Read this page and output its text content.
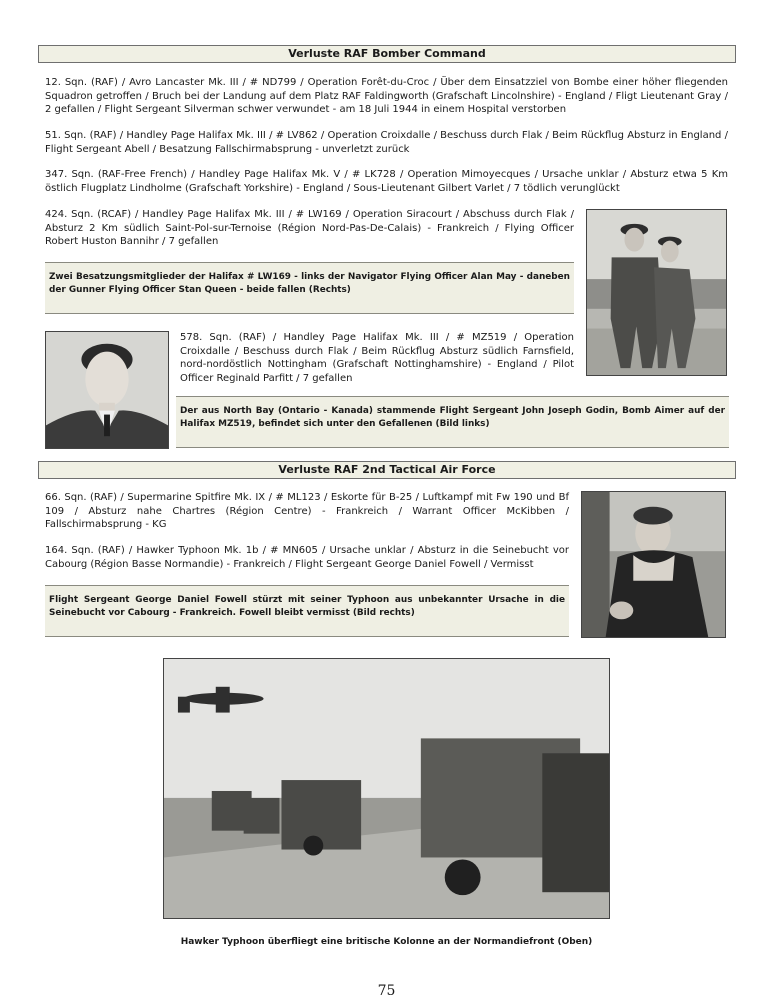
Verluste RAF Bomber Command

12. Sqn. (RAF) / Avro Lancaster Mk. III / # ND799 / Operation Forêt-du-Croc / Über dem Einsatzziel von Bombe einer höher fliegenden Squadron getroffen / Bruch bei der Landung auf dem Platz RAF Faldingworth (Grafschaft Lincolnshire) - England / Fligt Lieutenant Gray / 2 gefallen / Flight Sergeant Silverman schwer verwundet - am 18 Juli 1944 in einem Hospital verstorben

51. Sqn. (RAF) / Handley Page Halifax Mk. III / # LV862 / Operation Croixdalle / Beschuss durch Flak / Beim Rückflug Absturz in England / Flight Sergeant Abell / Besatzung Fallschirmabsprung - unverletzt zurück

347. Sqn. (RAF-Free French) / Handley Page Halifax Mk. V / # LK728 / Operation Mimoyecques / Ursache unklar / Absturz etwa 5 Km östlich Flugplatz Lindholme (Grafschaft Yorkshire) - England / Sous-Lieutenant Gilbert Varlet / 7 tödlich verunglückt

424. Sqn. (RCAF) / Handley Page Halifax Mk. III / # LW169 / Operation Siracourt / Abschuss durch Flak / Absturz 2 Km südlich Saint-Pol-sur-Ternoise (Région Nord-Pas-De-Calais) - Frankreich / Flying Officer Robert Huston Bannihr / 7 gefallen

Zwei Besatzungsmitglieder der Halifax # LW169 - links der Navigator Flying Officer Alan May - daneben der Gunner Flying Officer Stan Queen - beide fallen (Rechts)

578. Sqn. (RAF) / Handley Page Halifax Mk. III / # MZ519 / Operation Croixdalle / Beschuss durch Flak / Beim Rückflug Absturz südlich Farnsfield, nord-nordöstlich Nottingham (Grafschaft Nottinghamshire) - England / Pilot Officer Reginald Parfitt / 7 gefallen

Der aus North Bay (Ontario - Kanada) stammende Flight Sergeant John Joseph Godin, Bomb Aimer auf der Halifax MZ519, befindet sich unter den Gefallenen (Bild links)
Verluste RAF 2nd Tactical Air Force

66. Sqn. (RAF) / Supermarine Spitfire Mk. IX / # ML123 / Eskorte für B-25 / Luftkampf mit Fw 190 und Bf 109 / Absturz nahe Chartres (Région Centre) - Frankreich / Warrant Officer McKibben / Fallschirmabsprung - KG

164. Sqn. (RAF) / Hawker Typhoon Mk. 1b / # MN605 / Ursache unklar / Absturz in die Seinebucht vor Cabourg (Région Basse Normandie) - Frankreich / Flight Sergeant George Daniel Fowell / Vermisst

Flight Sergeant George Daniel Fowell stürzt mit seiner Typhoon aus unbekannter Ursache in die Seinebucht vor Cabourg - Frankreich. Fowell bleibt vermisst (Bild rechts)
Hawker Typhoon überfliegt eine britische Kolonne an der Normandiefront (Oben)
75
